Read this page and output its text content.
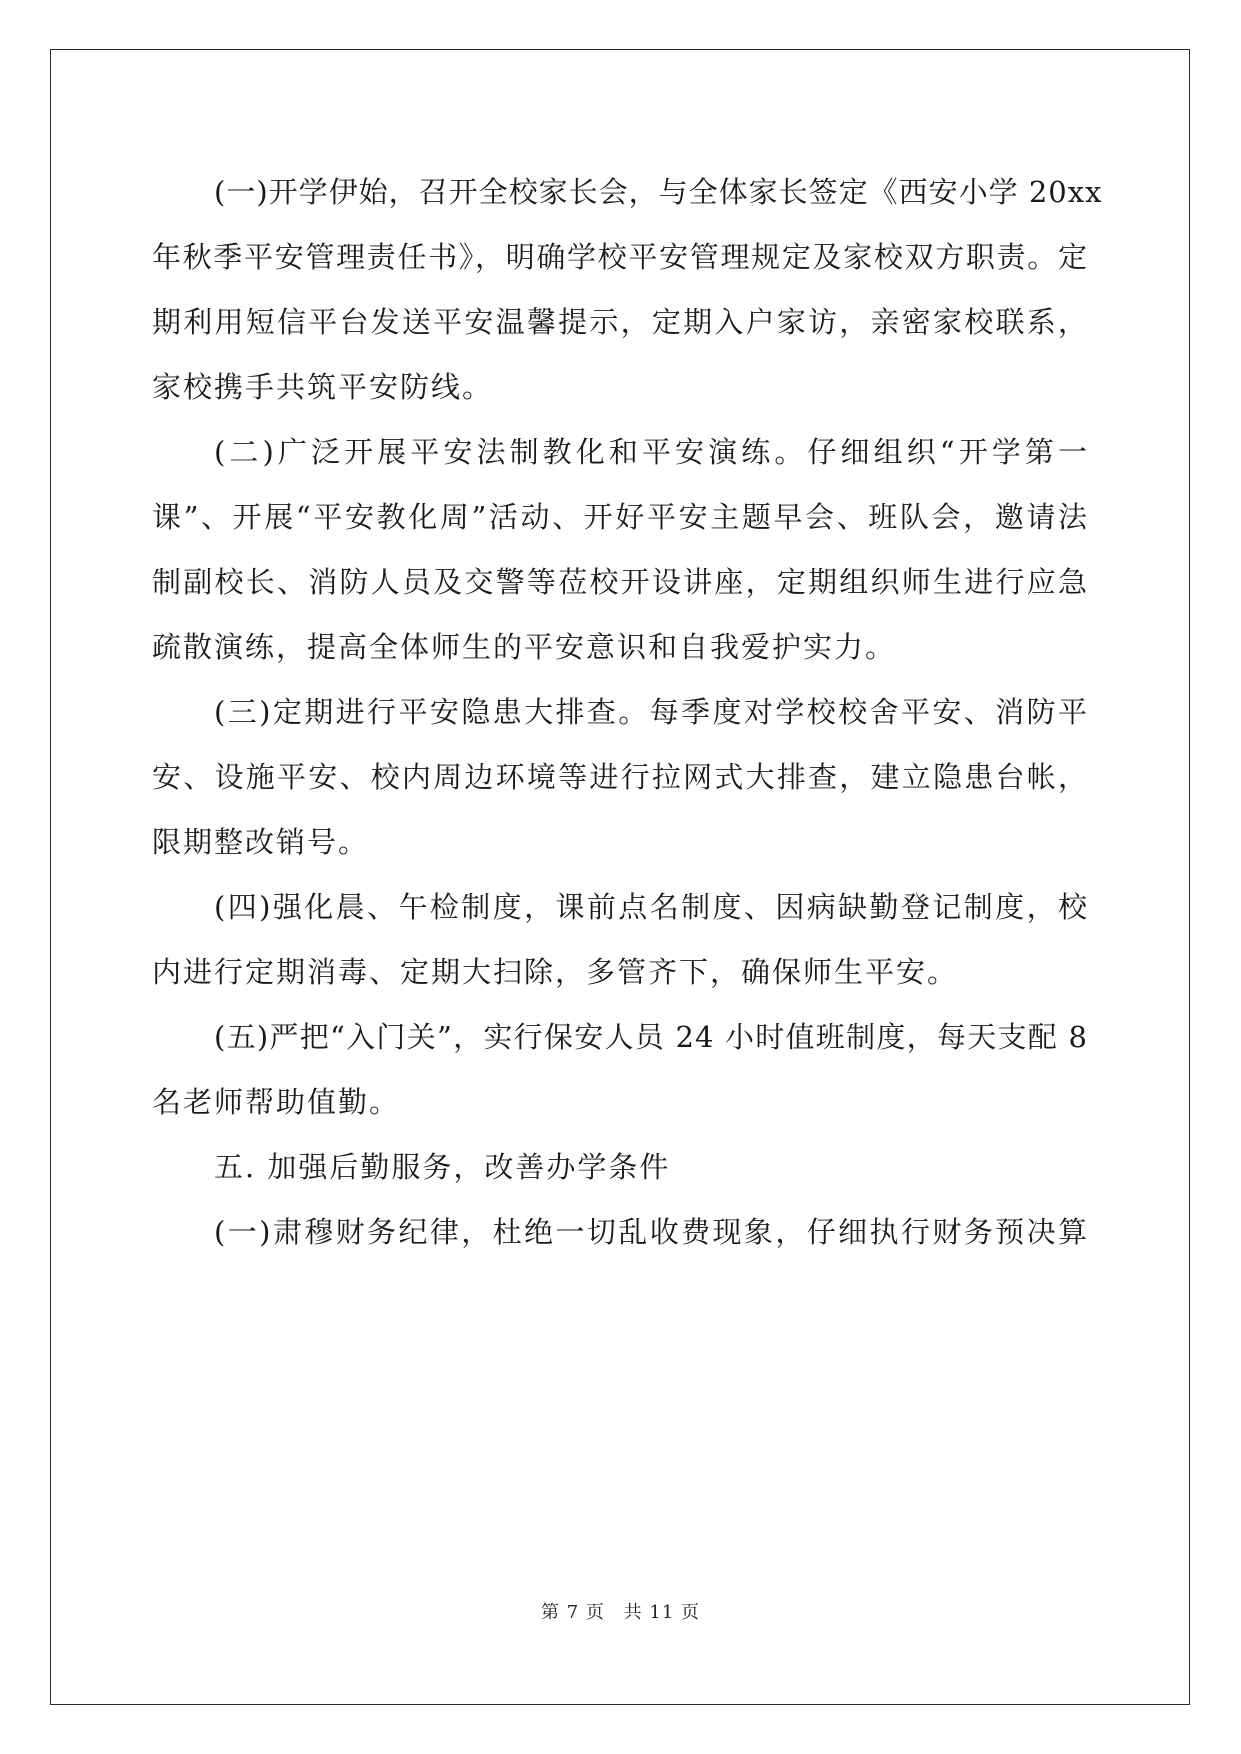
(一)开学伊始，召开全校家长会，与全体家长签定《西安小学 20xx
年秋季平安管理责任书》，明确学校平安管理规定及家校双方职责。定
期利用短信平台发送平安温馨提示，定期入户家访，亲密家校联系，
家校携手共筑平安防线。
(二)广泛开展平安法制教化和平安演练。仔细组织“开学第一
课”、开展“平安教化周”活动、开好平安主题早会、班队会，邀请法
制副校长、消防人员及交警等莅校开设讲座，定期组织师生进行应急
疏散演练，提高全体师生的平安意识和自我爱护实力。
(三)定期进行平安隐患大排查。每季度对学校校舍平安、消防平
安、设施平安、校内周边环境等进行拉网式大排查，建立隐患台帐，
限期整改销号。
(四)强化晨、午检制度，课前点名制度、因病缺勤登记制度，校
内进行定期消毒、定期大扫除，多管齐下，确保师生平安。
(五)严把“入门关”，实行保安人员 24 小时值班制度，每天支配 8
名老师帮助值勤。
五. 加强后勤服务，改善办学条件
(一)肃穆财务纪律，杜绝一切乱收费现象，仔细执行财务预决算
第 7 页 共 11 页
